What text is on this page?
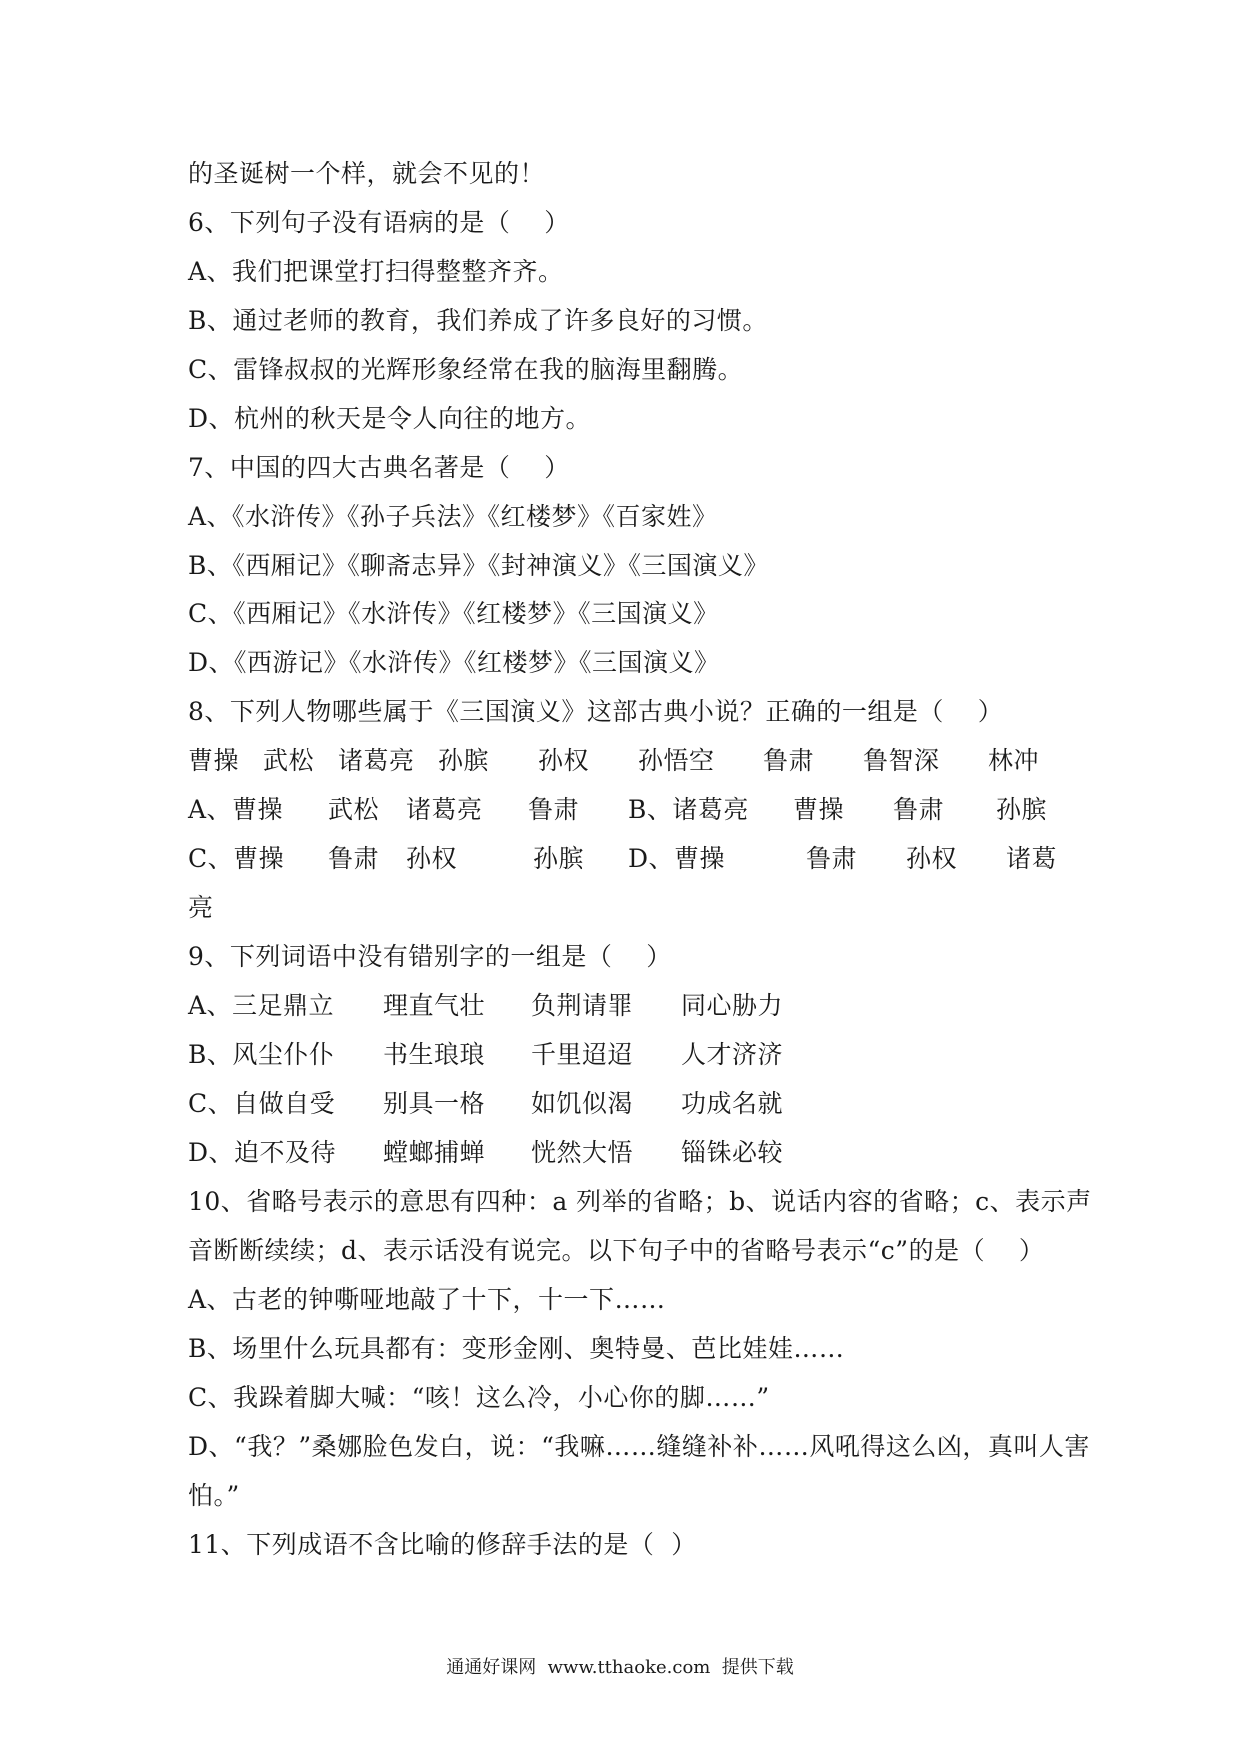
的圣诞树一个样，就会不见的！
6、下列句子没有语病的是（    ）
A、我们把课堂打扫得整整齐齐。
B、通过老师的教育，我们养成了许多良好的习惯。
C、雷锋叔叔的光辉形象经常在我的脑海里翻腾。
D、杭州的秋天是令人向往的地方。
7、中国的四大古典名著是（    ）
A、《水浒传》《孙子兵法》《红楼梦》《百家姓》
B、《西厢记》《聊斋志异》《封神演义》《三国演义》
C、《西厢记》《水浒传》《红楼梦》《三国演义》
D、《西游记》《水浒传》《红楼梦》《三国演义》
8、下列人物哪些属于《三国演义》这部古典小说？正确的一组是（    ）
曹操 武松 诸葛亮 孙膑 孙权 孙悟空 鲁肃 鲁智深 林冲
A、曹操 武松 诸葛亮 鲁肃 B、诸葛亮 曹操 鲁肃 孙膑
C、曹操 鲁肃 孙权	孙膑 D、曹操	鲁肃 孙权 诸葛
亮
9、下列词语中没有错别字的一组是（    ）
A、三足鼎立 理直气壮 负荆请罪 同心胁力
B、风尘仆仆 书生琅琅 千里迢迢 人才济济
C、自做自受 别具一格 如饥似渴 功成名就
D、迫不及待 螳螂捕蝉 恍然大悟 锱铢必较
10、省略号表示的意思有四种：a 列举的省略；b、说话内容的省略；c、表示声
音断断续续；d、表示话没有说完。以下句子中的省略号表示“c”的是（    ）
A、古老的钟嘶哑地敲了十下，十一下……
B、场里什么玩具都有：变形金刚、奥特曼、芭比娃娃……
C、我跺着脚大喊：“咳！这么冷，小心你的脚……”
D、“我？”桑娜脸色发白，说：“我嘛……缝缝补补……风吼得这么凶，真叫人害
怕。”
11、下列成语不含比喻的修辞手法的是（  ）
通通好课网  www.tthaoke.com  提供下载
